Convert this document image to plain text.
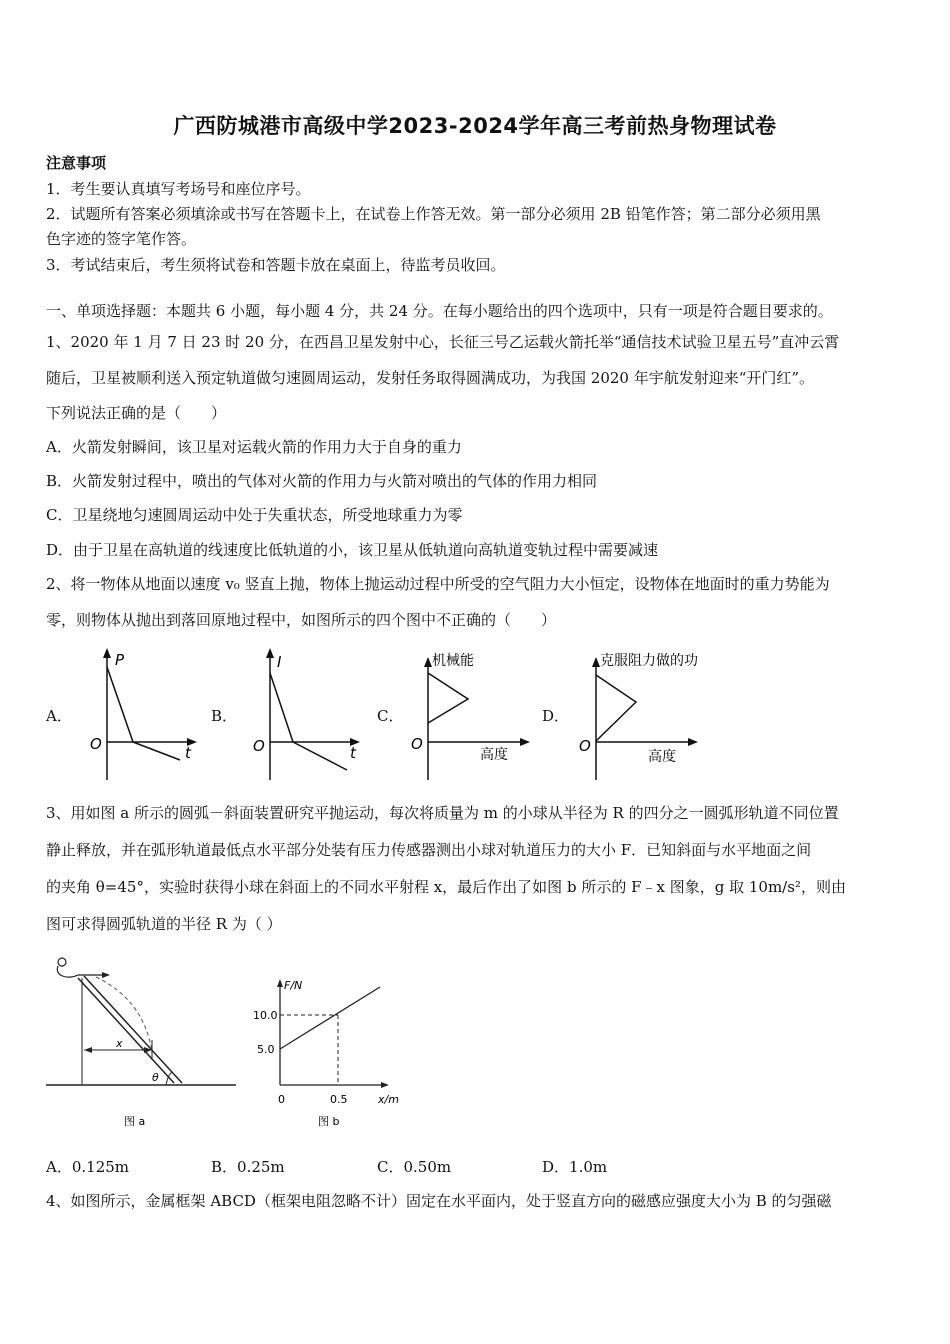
广西防城港市高级中学2023-2024学年高三考前热身物理试卷
注意事项
1．考生要认真填写考场号和座位序号。
2．试题所有答案必须填涂或书写在答题卡上，在试卷上作答无效。第一部分必须用 2B 铅笔作答；第二部分必须用黑
色字迹的签字笔作答。
3．考试结束后，考生须将试卷和答题卡放在桌面上，待监考员收回。
一、单项选择题：本题共 6 小题，每小题 4 分，共 24 分。在每小题给出的四个选项中，只有一项是符合题目要求的。
1、2020 年 1 月 7 日 23 时 20 分，在西昌卫星发射中心，长征三号乙运载火箭托举“通信技术试验卫星五号”直冲云霄
随后，卫星被顺利送入预定轨道做匀速圆周运动，发射任务取得圆满成功，为我国 2020 年宇航发射迎来“开门红”。
下列说法正确的是（　　）
A．火箭发射瞬间，该卫星对运载火箭的作用力大于自身的重力
B．火箭发射过程中，喷出的气体对火箭的作用力与火箭对喷出的气体的作用力相同
C．卫星绕地匀速圆周运动中处于失重状态，所受地球重力为零
D．由于卫星在高轨道的线速度比低轨道的小，该卫星从低轨道向高轨道变轨过程中需要减速
2、将一物体从地面以速度 v₀ 竖直上抛，物体上抛运动过程中所受的空气阻力大小恒定，设物体在地面时的重力势能为
零，则物体从抛出到落回原地过程中，如图所示的四个图中不正确的（　　）
A．	B．	C．	D．
P
t
O
I
t
O
机械能
高度
O
克服阻力做的功
高度
O
3、用如图 a 所示的圆弧－斜面装置研究平抛运动，每次将质量为 m 的小球从半径为 R 的四分之一圆弧形轨道不同位置
静止释放，并在弧形轨道最低点水平部分处装有压力传感器测出小球对轨道压力的大小 F．已知斜面与水平地面之间
的夹角 θ=45°，实验时获得小球在斜面上的不同水平射程 x，最后作出了如图 b 所示的 F﹣x 图象，g 取 10m/s²，则由
图可求得圆弧轨道的半径 R 为（ ）
x
θ
图 a
F/N
10.0
5.0
0	0.5	x/m
图 b
A．0.125m	B．0.25m	C．0.50m	D．1.0m
4、如图所示，金属框架 ABCD（框架电阻忽略不计）固定在水平面内，处于竖直方向的磁感应强度大小为 B 的匀强磁
